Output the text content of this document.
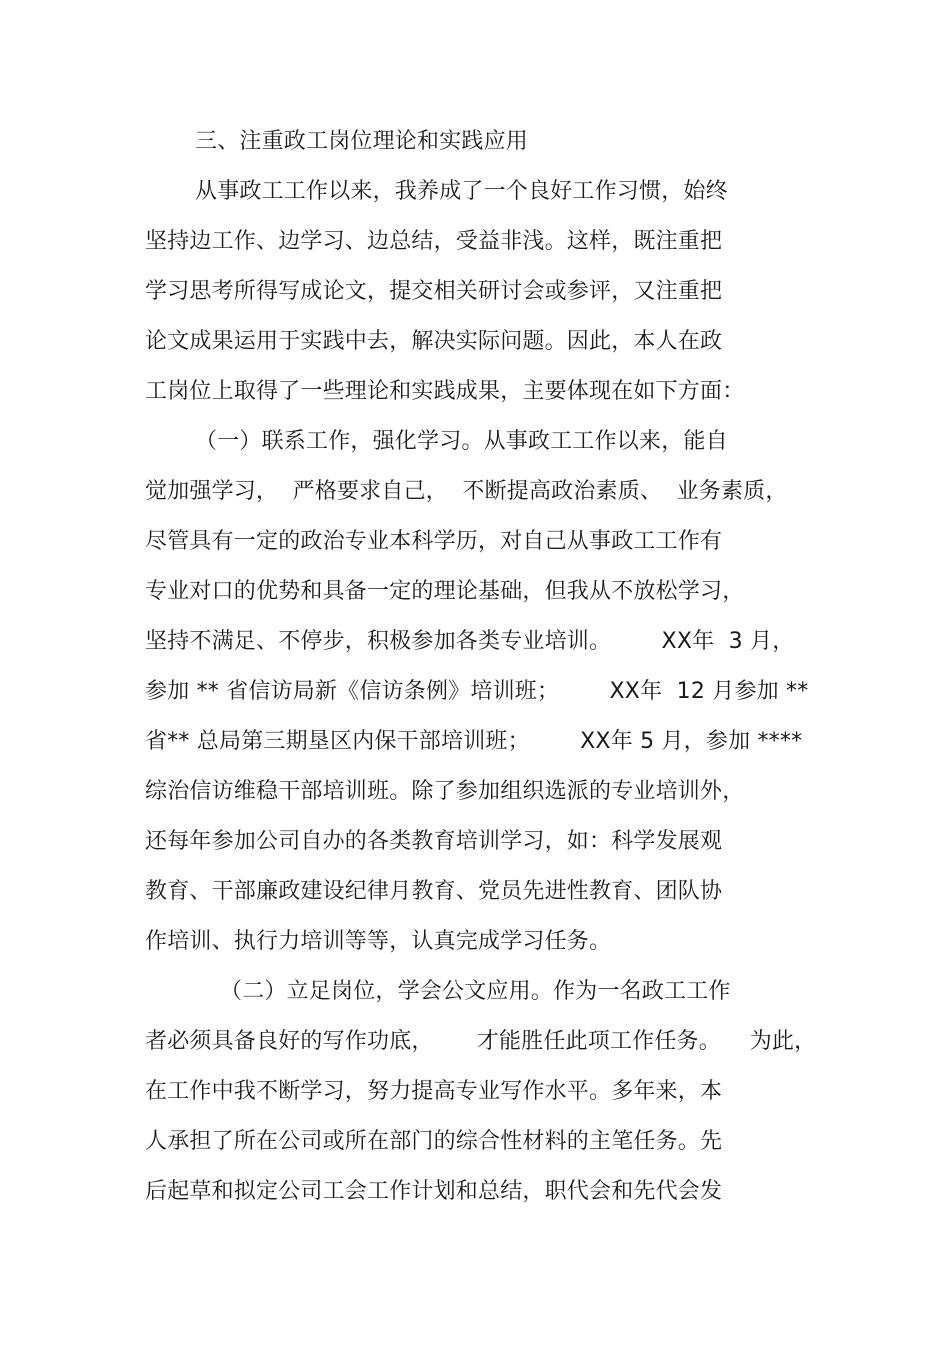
三、注重政工岗位理论和实践应用
从事政工工作以来，我养成了一个良好工作习惯，始终
坚持边工作、边学习、边总结，受益非浅。这样，既注重把
学习思考所得写成论文，提交相关研讨会或参评，又注重把
论文成果运用于实践中去，解决实际问题。因此，本人在政
工岗位上取得了一些理论和实践成果，主要体现在如下方面：
（一）联系工作，强化学习。从事政工工作以来，能自
觉加强学习，  严格要求自己，  不断提高政治素质、  业务素质，
尽管具有一定的政治专业本科学历，对自己从事政工工作有
专业对口的优势和具备一定的理论基础，但我从不放松学习，
坚持不满足、不停步，积极参加各类专业培训。       XX年  3 月，
参加 ** 省信访局新《信访条例》培训班；       XX年  12 月参加 **
省** 总局第三期垦区内保干部培训班；       XX年 5 月，参加 ****
综治信访维稳干部培训班。除了参加组织选派的专业培训外，
还每年参加公司自办的各类教育培训学习，如：科学发展观
教育、干部廉政建设纪律月教育、党员先进性教育、团队协
作培训、执行力培训等等，认真完成学习任务。
（二）立足岗位，学会公文应用。作为一名政工工作
者必须具备良好的写作功底，      才能胜任此项工作任务。    为此，
在工作中我不断学习，努力提高专业写作水平。多年来，本
人承担了所在公司或所在部门的综合性材料的主笔任务。先
后起草和拟定公司工会工作计划和总结，职代会和先代会发
